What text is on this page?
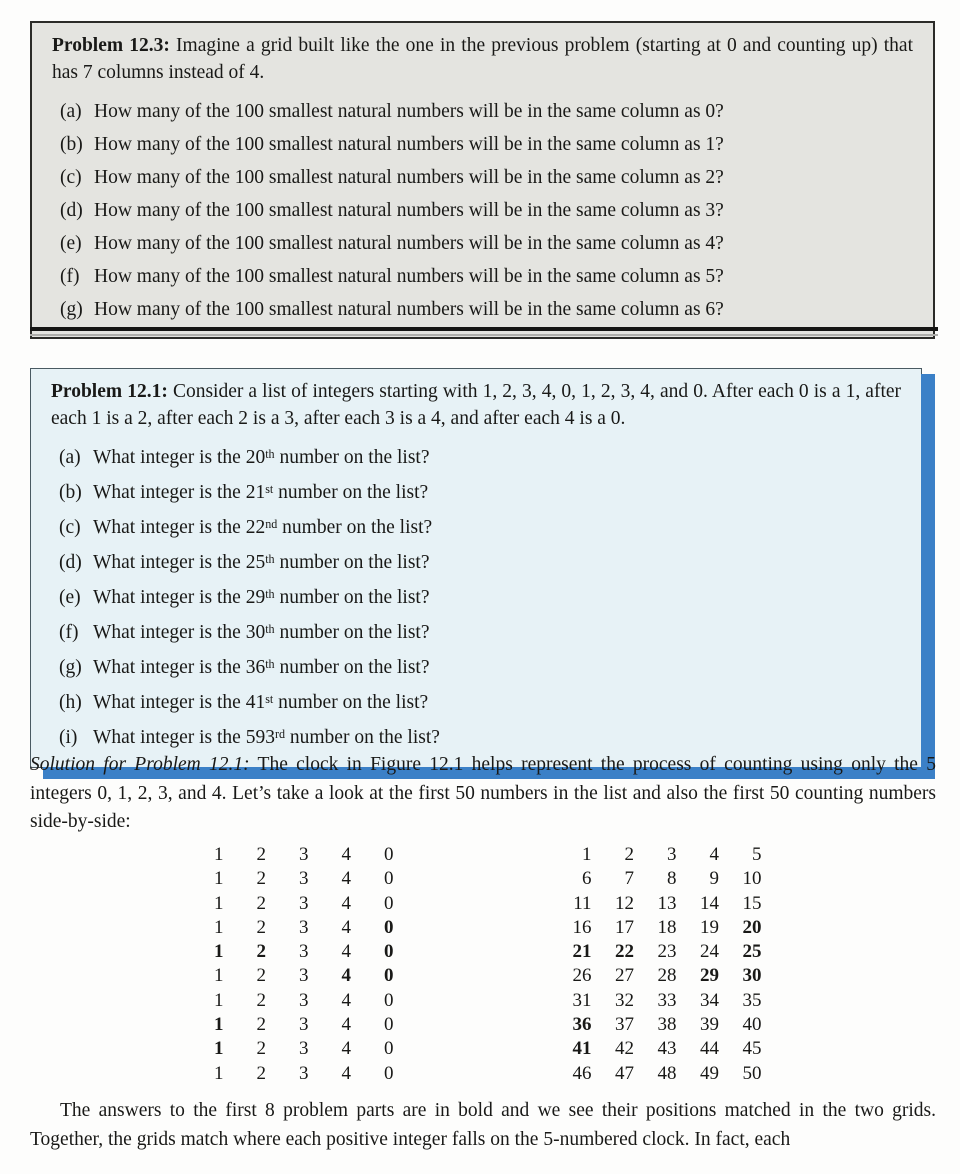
Problem 12.3: Imagine a grid built like the one in the previous problem (starting at 0 and counting up) that has 7 columns instead of 4.

(a) How many of the 100 smallest natural numbers will be in the same column as 0?
(b) How many of the 100 smallest natural numbers will be in the same column as 1?
(c) How many of the 100 smallest natural numbers will be in the same column as 2?
(d) How many of the 100 smallest natural numbers will be in the same column as 3?
(e) How many of the 100 smallest natural numbers will be in the same column as 4?
(f) How many of the 100 smallest natural numbers will be in the same column as 5?
(g) How many of the 100 smallest natural numbers will be in the same column as 6?

Problem 12.1: Consider a list of integers starting with 1, 2, 3, 4, 0, 1, 2, 3, 4, and 0. After each 0 is a 1, after each 1 is a 2, after each 2 is a 3, after each 3 is a 4, and after each 4 is a 0.

(a) What integer is the 20th number on the list?
(b) What integer is the 21st number on the list?
(c) What integer is the 22nd number on the list?
(d) What integer is the 25th number on the list?
(e) What integer is the 29th number on the list?
(f) What integer is the 30th number on the list?
(g) What integer is the 36th number on the list?
(h) What integer is the 41st number on the list?
(i) What integer is the 593rd number on the list?

Solution for Problem 12.1: The clock in Figure 12.1 helps represent the process of counting using only the 5 integers 0, 1, 2, 3, and 4. Let’s take a look at the first 50 numbers in the list and also the first 50 counting numbers side-by-side:

1 2 3 4 0
1 2 3 4 0
1 2 3 4 0
1 2 3 4 0
1 2 3 4 0
1 2 3 4 0
1 2 3 4 0
1 2 3 4 0
1 2 3 4 0
1 2 3 4 0
1 2 3 4 5
6 7 8 9 10
11 12 13 14 15
16 17 18 19 20
21 22 23 24 25
26 27 28 29 30
31 32 33 34 35
36 37 38 39 40
41 42 43 44 45
46 47 48 49 50

The answers to the first 8 problem parts are in bold and we see their positions matched in the two grids. Together, the grids match where each positive integer falls on the 5-numbered clock. In fact, each
